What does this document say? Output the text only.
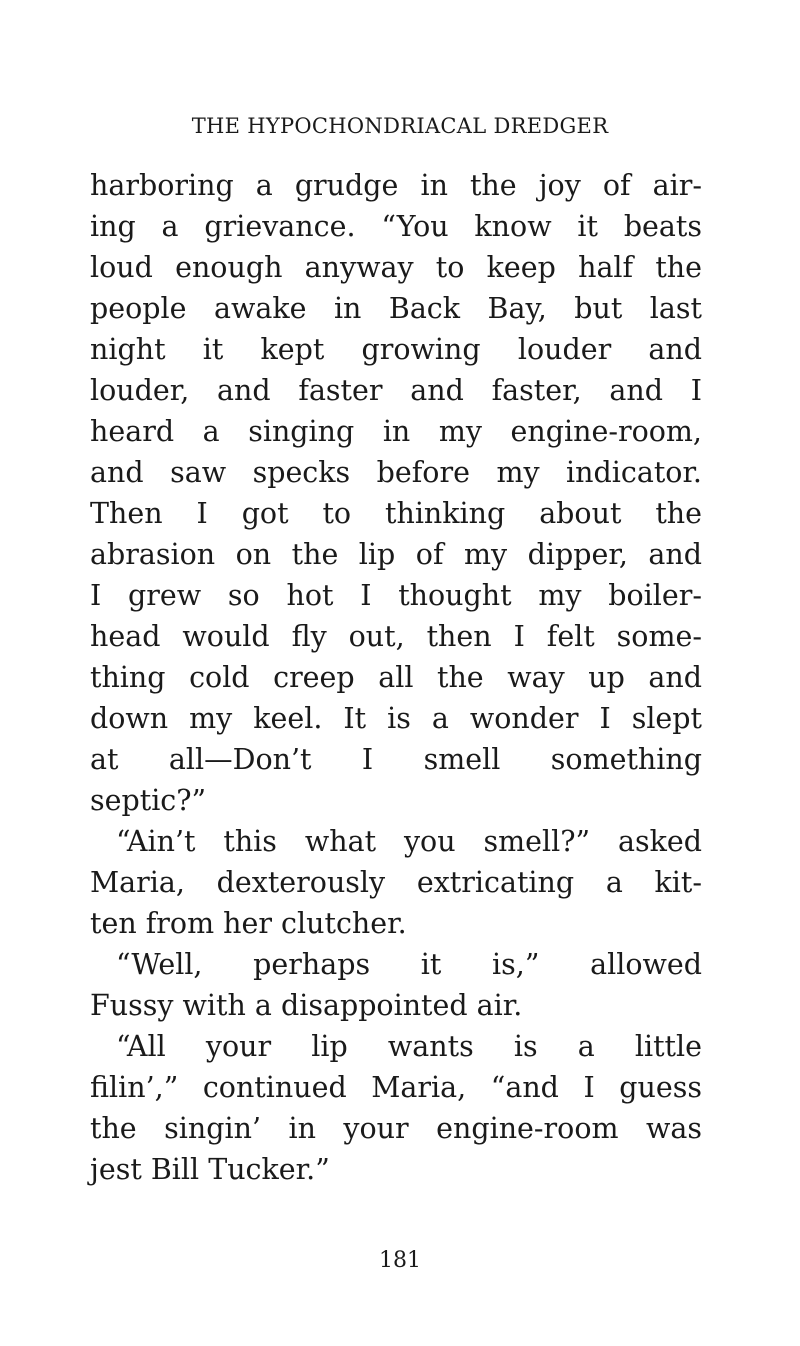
THE HYPOCHONDRIACAL DREDGER
harboring a grudge in the joy of air-
ing a grievance. “You know it beats
loud enough anyway to keep half the
people awake in Back Bay, but last
night it kept growing louder and
louder, and faster and faster, and I
heard a singing in my engine-room,
and saw specks before my indicator.
Then I got to thinking about the
abrasion on the lip of my dipper, and
I grew so hot I thought my boiler-
head would fly out, then I felt some-
thing cold creep all the way up and
down my keel. It is a wonder I slept
at all—Don’t I smell something
septic?”
“Ain’t this what you smell?” asked
Maria, dexterously extricating a kit-
ten from her clutcher.
“Well, perhaps it is,” allowed
Fussy with a disappointed air.
“All your lip wants is a little
filin’,” continued Maria, “and I guess
the singin’ in your engine-room was
jest Bill Tucker.”
181
